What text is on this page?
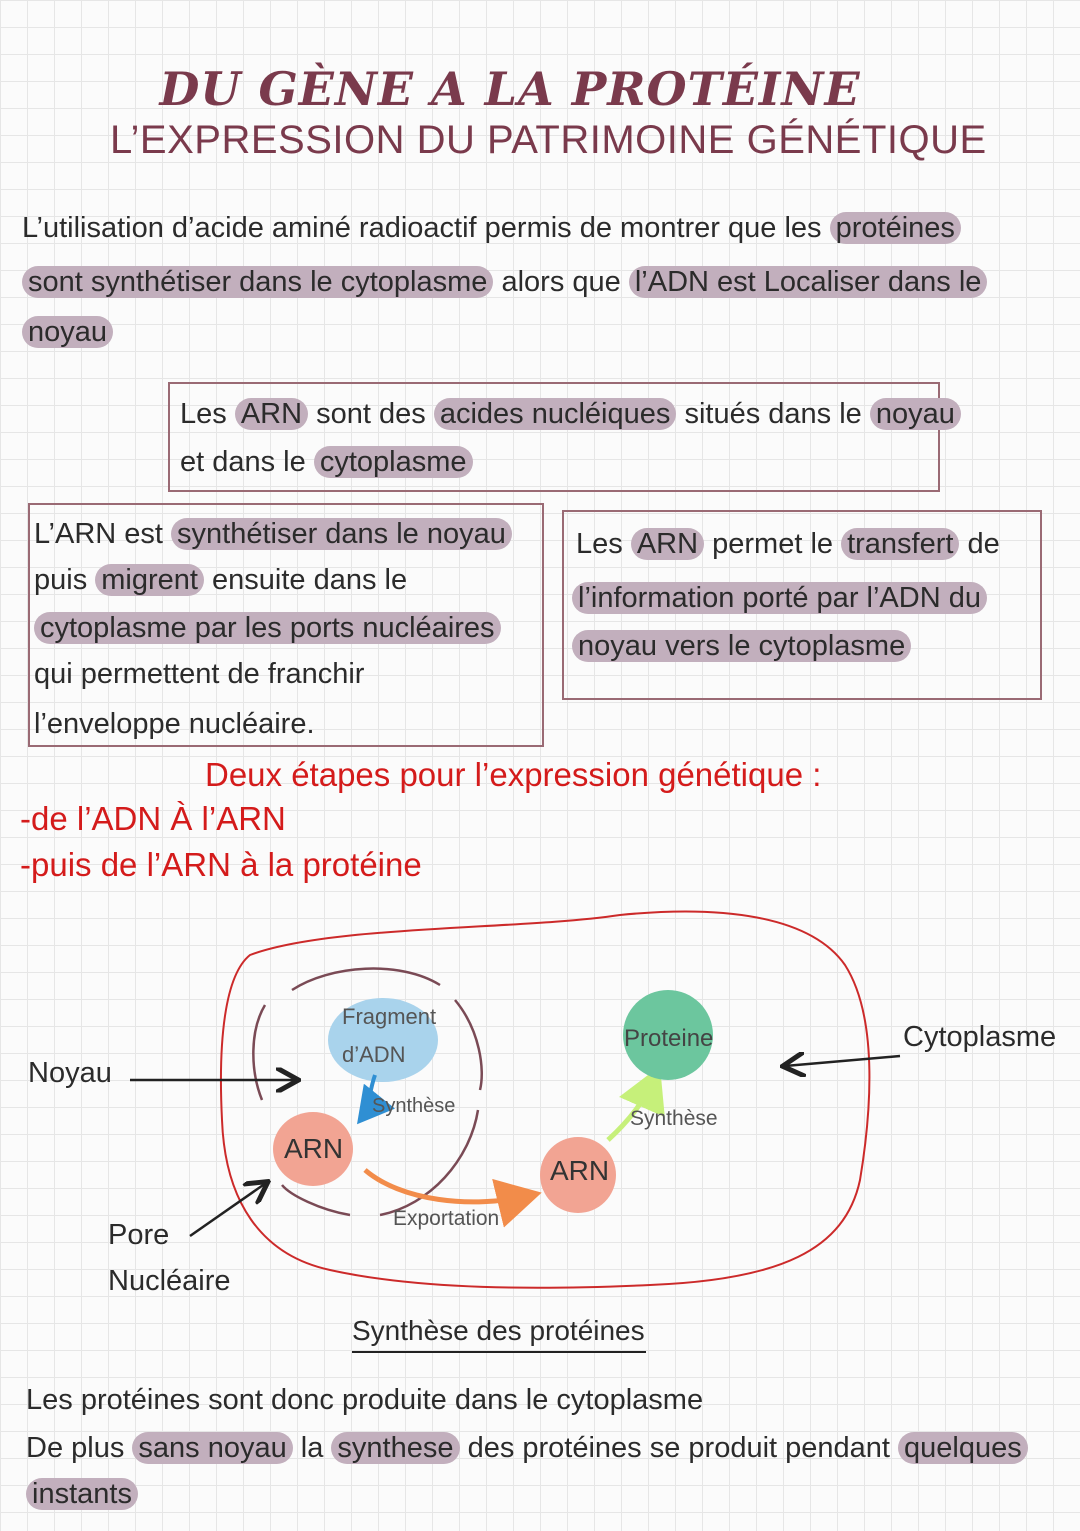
DU GÈNE A LA PROTÉINE
L’EXPRESSION DU PATRIMOINE GÉNÉTIQUE
L’utilisation d’acide aminé radioactif permis de montrer que les protéines
sont synthétiser dans le cytoplasme alors que l’ADN est Localiser dans le
noyau
Les ARN sont des acides nucléiques situés dans le noyau
et dans le cytoplasme
L’ARN est synthétiser dans le noyau
puis migrent ensuite dans le
cytoplasme par les ports nucléaires
qui permettent de franchir
l’enveloppe nucléaire.
Les ARN permet le transfert de
l’information porté par l’ADN du
noyau vers le cytoplasme
Deux étapes pour l’expression génétique :
-de l’ADN À l’ARN
-puis de l’ARN à la protéine
Fragment
d’ADN
Synthèse
ARN
Exportation
ARN
Synthèse
Proteine
Noyau
Cytoplasme
Pore
Nucléaire
Synthèse des protéines
Les protéines sont donc produite dans le cytoplasme
De plus sans noyau la synthese des protéines se produit pendant quelques
instants
